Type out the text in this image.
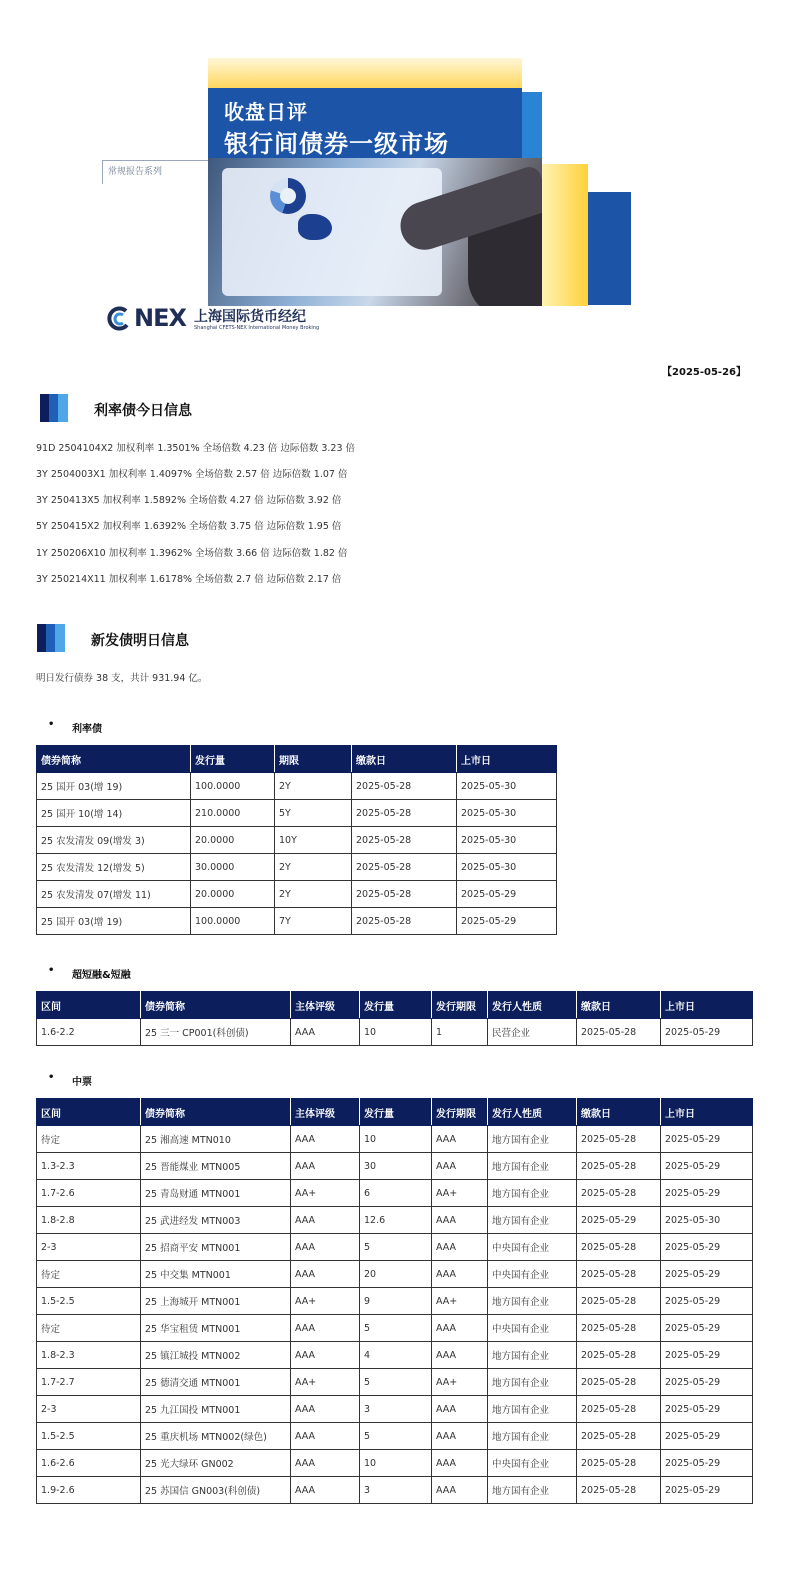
收盘日评
银行间债券一级市场
常规报告系列
NEX 上海国际货币经纪
Shanghai CFETS-NEX International Money Broking
【2025-05-26】
利率债今日信息
91D 2504104X2 加权利率 1.3501% 全场倍数 4.23 倍 边际倍数 3.23 倍
3Y 2504003X1 加权利率 1.4097% 全场倍数 2.57 倍 边际倍数 1.07 倍
3Y 250413X5 加权利率 1.5892% 全场倍数 4.27 倍 边际倍数 3.92 倍
5Y 250415X2 加权利率 1.6392% 全场倍数 3.75 倍 边际倍数 1.95 倍
1Y 250206X10 加权利率 1.3962% 全场倍数 3.66 倍 边际倍数 1.82 倍
3Y 250214X11 加权利率 1.6178% 全场倍数 2.7 倍 边际倍数 2.17 倍
新发债明日信息
明日发行债券 38 支，共计 931.94 亿。
• 利率债
债券简称	发行量	期限	缴款日	上市日
25 国开 03(增 19)	100.0000	2Y	2025-05-28	2025-05-30
25 国开 10(增 14)	210.0000	5Y	2025-05-28	2025-05-30
25 农发清发 09(增发 3)	20.0000	10Y	2025-05-28	2025-05-30
25 农发清发 12(增发 5)	30.0000	2Y	2025-05-28	2025-05-30
25 农发清发 07(增发 11)	20.0000	2Y	2025-05-28	2025-05-29
25 国开 03(增 19)	100.0000	7Y	2025-05-28	2025-05-29
• 超短融&短融
区间	债券简称	主体评级	发行量	发行期限	发行人性质	缴款日	上市日
1.6-2.2	25 三一 CP001(科创债)	AAA	10	1	民营企业	2025-05-28	2025-05-29
• 中票
区间	债券简称	主体评级	发行量	发行期限	发行人性质	缴款日	上市日
待定	25 湘高速 MTN010	AAA	10	AAA	地方国有企业	2025-05-28	2025-05-29
1.3-2.3	25 晋能煤业 MTN005	AAA	30	AAA	地方国有企业	2025-05-28	2025-05-29
1.7-2.6	25 青岛财通 MTN001	AA+	6	AA+	地方国有企业	2025-05-28	2025-05-29
1.8-2.8	25 武进经发 MTN003	AAA	12.6	AAA	地方国有企业	2025-05-29	2025-05-30
2-3	25 招商平安 MTN001	AAA	5	AAA	中央国有企业	2025-05-28	2025-05-29
待定	25 中交集 MTN001	AAA	20	AAA	中央国有企业	2025-05-28	2025-05-29
1.5-2.5	25 上海城开 MTN001	AA+	9	AA+	地方国有企业	2025-05-28	2025-05-29
待定	25 华宝租赁 MTN001	AAA	5	AAA	中央国有企业	2025-05-28	2025-05-29
1.8-2.3	25 镇江城投 MTN002	AAA	4	AAA	地方国有企业	2025-05-28	2025-05-29
1.7-2.7	25 德清交通 MTN001	AA+	5	AA+	地方国有企业	2025-05-28	2025-05-29
2-3	25 九江国投 MTN001	AAA	3	AAA	地方国有企业	2025-05-28	2025-05-29
1.5-2.5	25 重庆机场 MTN002(绿色)	AAA	5	AAA	地方国有企业	2025-05-28	2025-05-29
1.6-2.6	25 光大绿环 GN002	AAA	10	AAA	中央国有企业	2025-05-28	2025-05-29
1.9-2.6	25 苏国信 GN003(科创债)	AAA	3	AAA	地方国有企业	2025-05-28	2025-05-29
